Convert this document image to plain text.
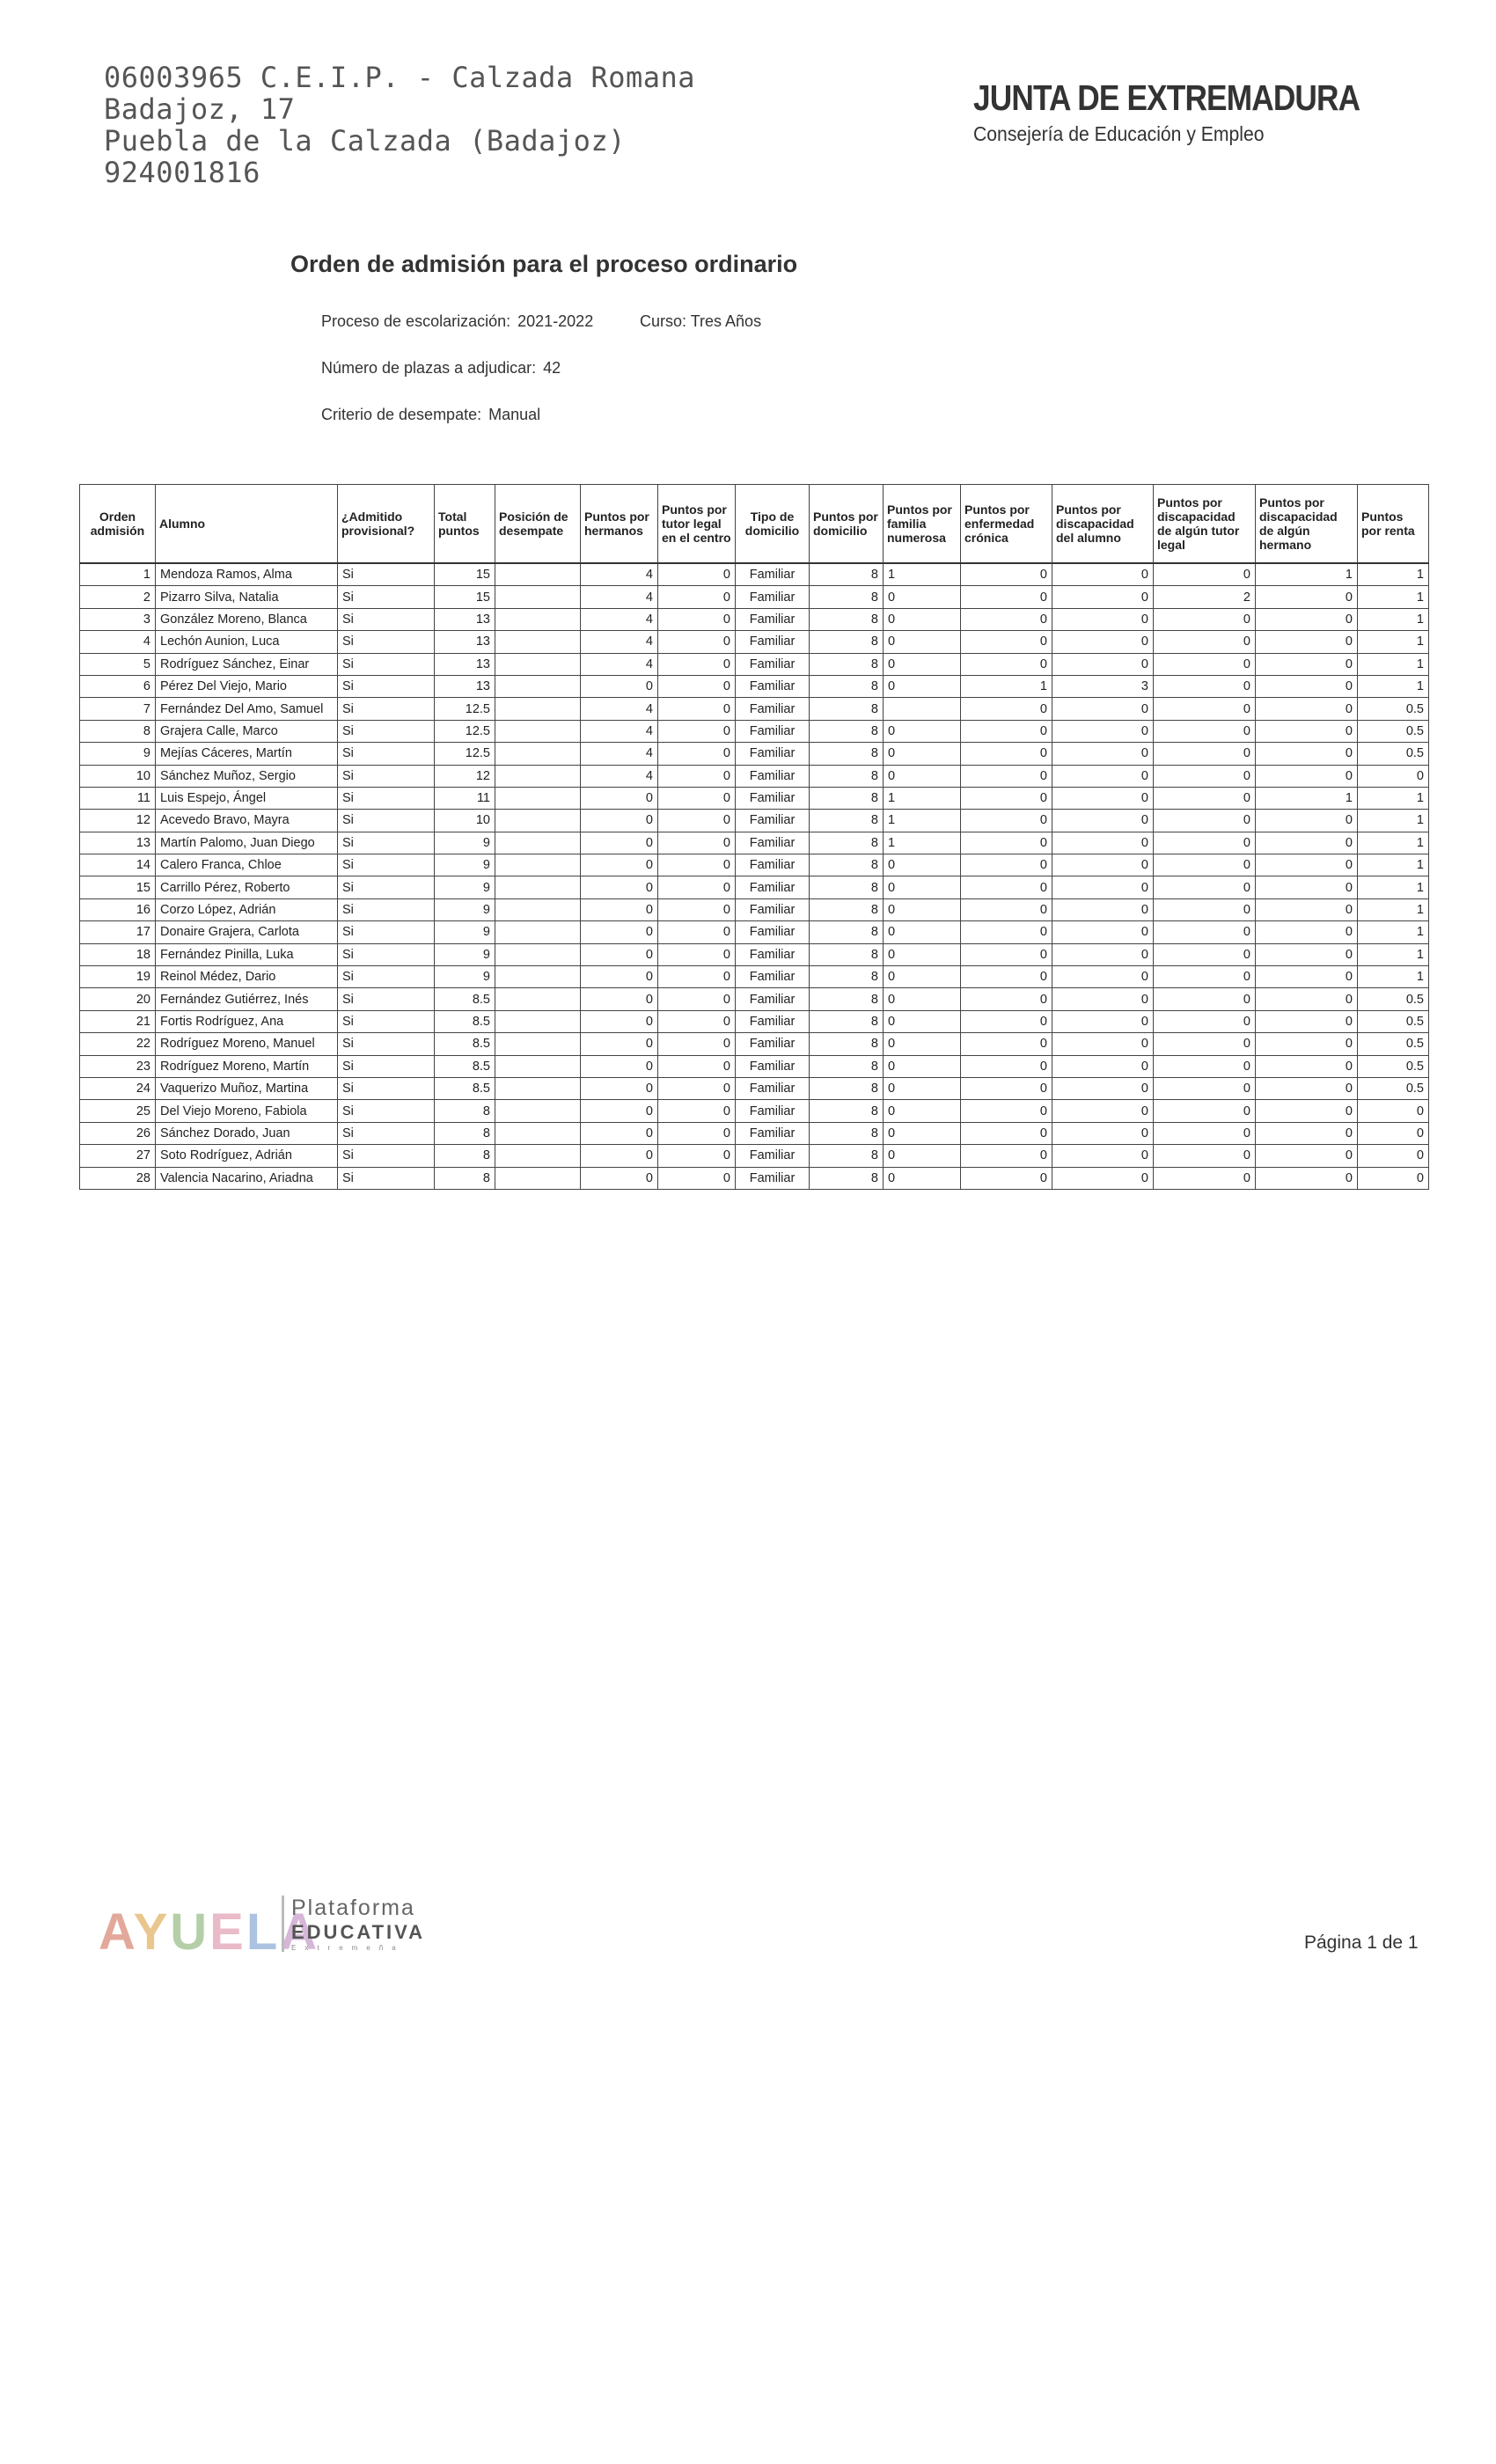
06003965 C.E.I.P. - Calzada Romana
Badajoz, 17
Puebla de la Calzada (Badajoz)
924001816
JUNTA DE EXTREMADURA
Consejería de Educación y Empleo
Orden de admisión para el proceso ordinario
Proceso de escolarización: 2021-2022	Curso: Tres Años
Número de plazas a adjudicar: 42
Criterio de desempate: Manual
Orden admisión	Alumno	¿Admitido provisional?	Total puntos	Posición de desempate	Puntos por hermanos	Puntos por tutor legal en el centro	Tipo de domicilio	Puntos por domicilio	Puntos por familia numerosa	Puntos por enfermedad crónica	Puntos por discapacidad del alumno	Puntos por discapacidad de algún tutor legal	Puntos por discapacidad de algún hermano	Puntos por renta
1	Mendoza Ramos, Alma	Si	15		4	0	Familiar	8	1	0	0	0	1	1
2	Pizarro Silva, Natalia	Si	15		4	0	Familiar	8	0	0	0	2	0	1
3	González Moreno, Blanca	Si	13		4	0	Familiar	8	0	0	0	0	0	1
4	Lechón Aunion, Luca	Si	13		4	0	Familiar	8	0	0	0	0	0	1
5	Rodríguez Sánchez, Einar	Si	13		4	0	Familiar	8	0	0	0	0	0	1
6	Pérez Del Viejo, Mario	Si	13		0	0	Familiar	8	0	1	3	0	0	1
7	Fernández Del Amo, Samuel	Si	12.5		4	0	Familiar	8		0	0	0	0	0.5
8	Grajera Calle, Marco	Si	12.5		4	0	Familiar	8	0	0	0	0	0	0.5
9	Mejías Cáceres, Martín	Si	12.5		4	0	Familiar	8	0	0	0	0	0	0.5
10	Sánchez Muñoz, Sergio	Si	12		4	0	Familiar	8	0	0	0	0	0	0
11	Luis Espejo, Ángel	Si	11		0	0	Familiar	8	1	0	0	0	1	1
12	Acevedo Bravo, Mayra	Si	10		0	0	Familiar	8	1	0	0	0	0	1
13	Martín Palomo, Juan Diego	Si	9		0	0	Familiar	8	1	0	0	0	0	1
14	Calero Franca, Chloe	Si	9		0	0	Familiar	8	0	0	0	0	0	1
15	Carrillo Pérez, Roberto	Si	9		0	0	Familiar	8	0	0	0	0	0	1
16	Corzo López, Adrián	Si	9		0	0	Familiar	8	0	0	0	0	0	1
17	Donaire Grajera, Carlota	Si	9		0	0	Familiar	8	0	0	0	0	0	1
18	Fernández Pinilla, Luka	Si	9		0	0	Familiar	8	0	0	0	0	0	1
19	Reinol Médez, Dario	Si	9		0	0	Familiar	8	0	0	0	0	0	1
20	Fernández Gutiérrez, Inés	Si	8.5		0	0	Familiar	8	0	0	0	0	0	0.5
21	Fortis Rodríguez, Ana	Si	8.5		0	0	Familiar	8	0	0	0	0	0	0.5
22	Rodríguez Moreno, Manuel	Si	8.5		0	0	Familiar	8	0	0	0	0	0	0.5
23	Rodríguez Moreno, Martín	Si	8.5		0	0	Familiar	8	0	0	0	0	0	0.5
24	Vaquerizo Muñoz, Martina	Si	8.5		0	0	Familiar	8	0	0	0	0	0	0.5
25	Del Viejo Moreno, Fabiola	Si	8		0	0	Familiar	8	0	0	0	0	0	0
26	Sánchez Dorado, Juan	Si	8		0	0	Familiar	8	0	0	0	0	0	0
27	Soto Rodríguez, Adrián	Si	8		0	0	Familiar	8	0	0	0	0	0	0
28	Valencia Nacarino, Ariadna	Si	8		0	0	Familiar	8	0	0	0	0	0	0
AYUELA
Plataforma
EDUCATIVA
Extremeña	Página 1 de 1
